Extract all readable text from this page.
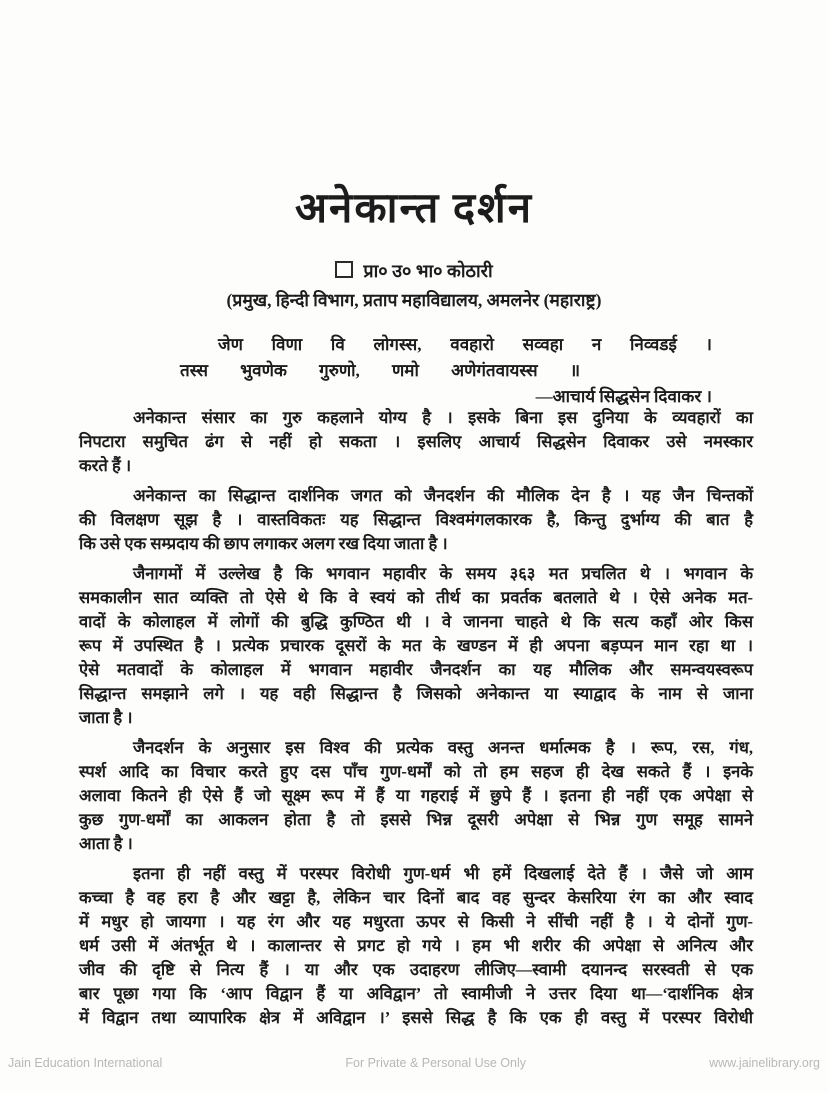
अनेकान्त दर्शन
प्रा० उ० भा० कोठारी
(प्रमुख, हिन्दी विभाग, प्रताप महाविद्यालय, अमलनेर (महाराष्ट्र)
जेण विणा वि लोगस्स, ववहारो सव्वहा न निव्वडई ।
तस्स भुवणेक गुरुणो, णमो अणेगंतवायस्स ॥
—आचार्य सिद्धसेन दिवाकर ।

अनेकान्त संसार का गुरु कहलाने योग्य है । इसके बिना इस दुनिया के व्यवहारों का
निपटारा समुचित ढंग से नहीं हो सकता । इसलिए आचार्य सिद्धसेन दिवाकर उसे नमस्कार
करते हैं ।

अनेकान्त का सिद्धान्त दार्शनिक जगत को जैनदर्शन की मौलिक देन है । यह जैन चिन्तकों
की विलक्षण सूझ है । वास्तविकतः यह सिद्धान्त विश्वमंगलकारक है, किन्तु दुर्भाग्य की बात है
कि उसे एक सम्प्रदाय की छाप लगाकर अलग रख दिया जाता है ।

जैनागमों में उल्लेख है कि भगवान महावीर के समय ३६३ मत प्रचलित थे । भगवान के
समकालीन सात व्यक्ति तो ऐसे थे कि वे स्वयं को तीर्थ का प्रवर्तक बतलाते थे । ऐसे अनेक मत-
वादों के कोलाहल में लोगों की बुद्धि कुण्ठित थी । वे जानना चाहते थे कि सत्य कहाँ ओर किस
रूप में उपस्थित है । प्रत्येक प्रचारक दूसरों के मत के खण्डन में ही अपना बड़प्पन मान रहा था ।
ऐसे मतवादों के कोलाहल में भगवान महावीर जैनदर्शन का यह मौलिक और समन्वयस्वरूप
सिद्धान्त समझाने लगे । यह वही सिद्धान्त है जिसको अनेकान्त या स्याद्वाद के नाम से जाना
जाता है ।

जैनदर्शन के अनुसार इस विश्व की प्रत्येक वस्तु अनन्त धर्मात्मक है । रूप, रस, गंध,
स्पर्श आदि का विचार करते हुए दस पाँच गुण-धर्मों को तो हम सहज ही देख सकते हैं । इनके
अलावा कितने ही ऐसे हैं जो सूक्ष्म रूप में हैं या गहराई में छुपे हैं । इतना ही नहीं एक अपेक्षा से
कुछ गुण-धर्मों का आकलन होता है तो इससे भिन्न दूसरी अपेक्षा से भिन्न गुण समूह सामने
आता है ।

इतना ही नहीं वस्तु में परस्पर विरोधी गुण-धर्म भी हमें दिखलाई देते हैं । जैसे जो आम
कच्चा है वह हरा है और खट्टा है, लेकिन चार दिनों बाद वह सुन्दर केसरिया रंग का और स्वाद
में मधुर हो जायगा । यह रंग और यह मधुरता ऊपर से किसी ने सींची नहीं है । ये दोनों गुण-
धर्म उसी में अंतर्भूत थे । कालान्तर से प्रगट हो गये । हम भी शरीर की अपेक्षा से अनित्य और
जीव की दृष्टि से नित्य हैं । या और एक उदाहरण लीजिए—स्वामी दयानन्द सरस्वती से एक
बार पूछा गया कि ‘आप विद्वान हैं या अविद्वान’ तो स्वामीजी ने उत्तर दिया था—‘दार्शनिक क्षेत्र
में विद्वान तथा व्यापारिक क्षेत्र में अविद्वान ।’ इससे सिद्ध है कि एक ही वस्तु में परस्पर विरोधी

Jain Education International	For Private & Personal Use Only	www.jainelibrary.org
